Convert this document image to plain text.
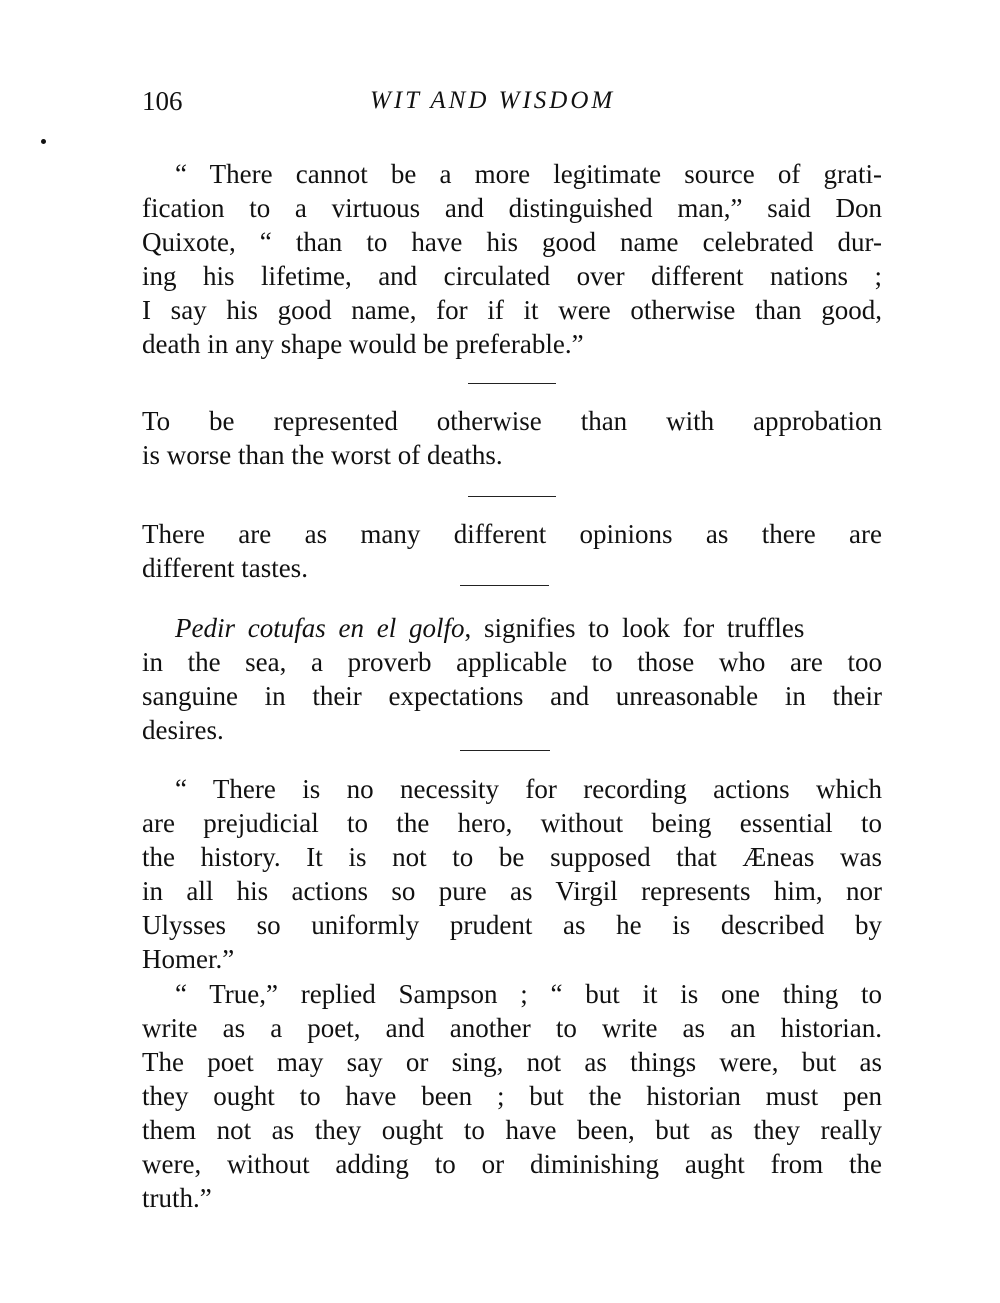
106	WIT AND WISDOM
“ There cannot be a more legitimate source of grati-
fication to a virtuous and distinguished man,” said Don
Quixote, “ than to have his good name celebrated dur-
ing his lifetime, and circulated over different nations ;
I say his good name, for if it were otherwise than good,
death in any shape would be preferable.”
To be represented otherwise than with approbation
is worse than the worst of deaths.
There are as many different opinions as there are
different tastes.
Pedir cotufas en el golfo, signifies to look for truffles
in the sea, a proverb applicable to those who are too
sanguine in their expectations and unreasonable in their
desires.
“ There is no necessity for recording actions which
are prejudicial to the hero, without being essential to
the history. It is not to be supposed that Æneas was
in all his actions so pure as Virgil represents him, nor
Ulysses so uniformly prudent as he is described by
Homer.”
“ True,” replied Sampson ; “ but it is one thing to
write as a poet, and another to write as an historian.
The poet may say or sing, not as things were, but as
they ought to have been ; but the historian must pen
them not as they ought to have been, but as they really
were, without adding to or diminishing aught from the
truth.”
